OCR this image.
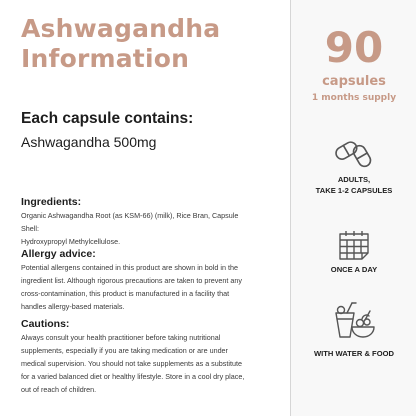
Ashwagandha
Information
Each capsule contains:
Ashwagandha 500mg
Ingredients:
Organic Ashwagandha Root (as KSM-66) (milk), Rice Bran, Capsule Shell:
Hydroxypropyl Methylcellulose.
Allergy advice:
Potential allergens contained in this product are shown in bold in the
ingredient list. Although rigorous precautions are taken to prevent any
cross-contamination, this product is manufactured in a facility that
handles allergy-based materials.
Cautions:
Always consult your health practitioner before taking nutritional
supplements, especially if you are taking medication or are under
medical supervision. You should not take supplements as a substitute
for a varied balanced diet or healthy lifestyle. Store in a cool dry place,
out of reach of children.
90
capsules
1 months supply
ADULTS,
TAKE 1-2 CAPSULES
ONCE A DAY
WITH WATER & FOOD
